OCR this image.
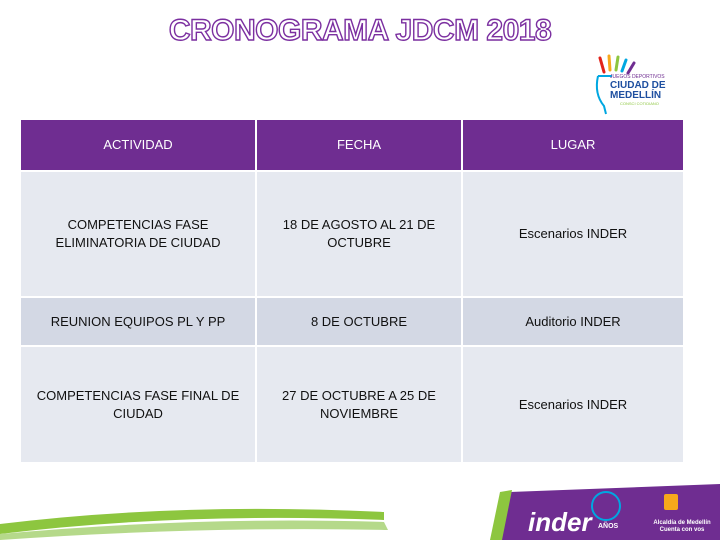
CRONOGRAMA JDCM 2018
JUEGOS DEPORTIVOS
CIUDAD DE
MEDELLÍN
CONSCI COTIDIANO
ACTIVIDAD	FECHA	LUGAR
COMPETENCIAS FASE ELIMINATORIA DE CIUDAD	18 DE AGOSTO AL 21 DE OCTUBRE	Escenarios INDER
REUNION EQUIPOS PL Y PP	8 DE OCTUBRE	Auditorio INDER
COMPETENCIAS FASE FINAL DE CIUDAD	27 DE OCTUBRE A 25 DE NOVIEMBRE	Escenarios INDER
inder AÑOS	Alcaldía de Medellín
Cuenta con vos
